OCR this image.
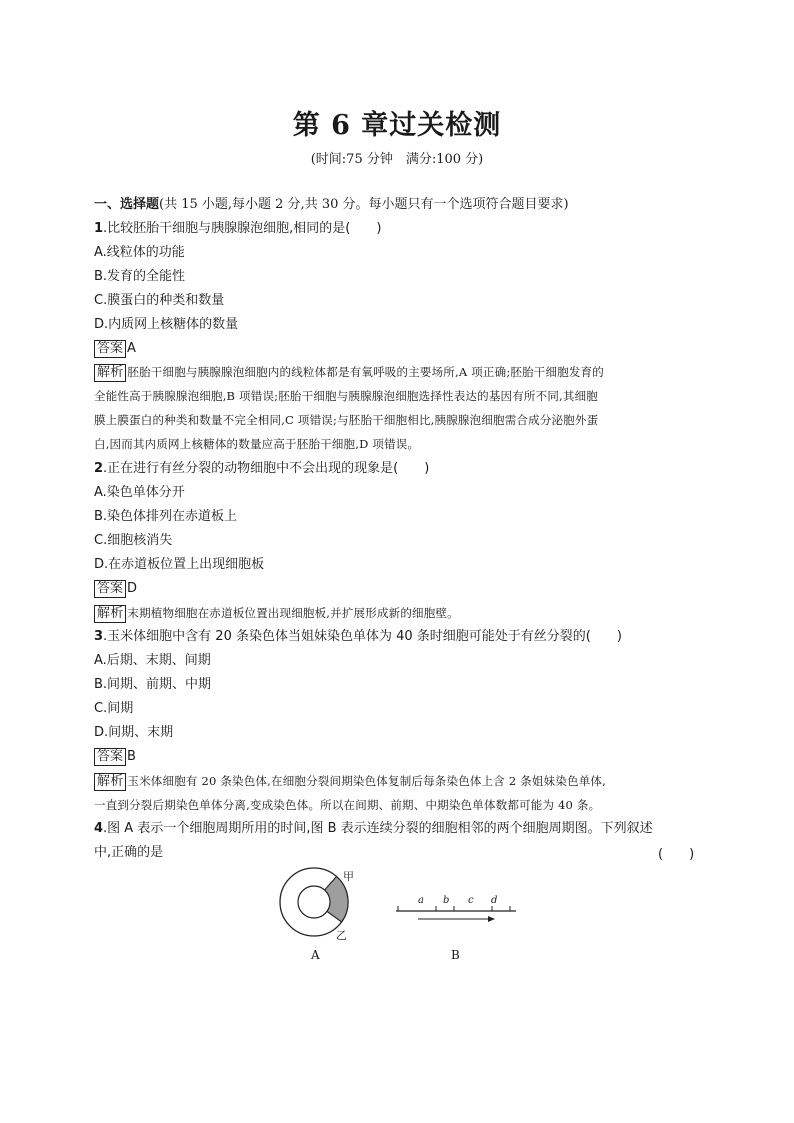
第 6 章过关检测
(时间:75 分钟　满分:100 分)
一、选择题(共 15 小题,每小题 2 分,共 30 分。每小题只有一个选项符合题目要求)
1.比较胚胎干细胞与胰腺腺泡细胞,相同的是(　　)
A.线粒体的功能
B.发育的全能性
C.膜蛋白的种类和数量
D.内质网上核糖体的数量
答案 A
解析 胚胎干细胞与胰腺腺泡细胞内的线粒体都是有氧呼吸的主要场所,A 项正确;胚胎干细胞发育的
全能性高于胰腺腺泡细胞,B 项错误;胚胎干细胞与胰腺腺泡细胞选择性表达的基因有所不同,其细胞
膜上膜蛋白的种类和数量不完全相同,C 项错误;与胚胎干细胞相比,胰腺腺泡细胞需合成分泌胞外蛋
白,因而其内质网上核糖体的数量应高于胚胎干细胞,D 项错误。
2.正在进行有丝分裂的动物细胞中不会出现的现象是(　　)
A.染色单体分开
B.染色体排列在赤道板上
C.细胞核消失
D.在赤道板位置上出现细胞板
答案 D
解析 末期植物细胞在赤道板位置出现细胞板,并扩展形成新的细胞壁。
3.玉米体细胞中含有 20 条染色体当姐妹染色单体为 40 条时细胞可能处于有丝分裂的(　　)
A.后期、末期、间期
B.间期、前期、中期
C.间期
D.间期、末期
答案 B
解析 玉米体细胞有 20 条染色体,在细胞分裂间期染色体复制后每条染色体上含 2 条姐妹染色单体,
一直到分裂后期染色单体分离,变成染色体。所以在间期、前期、中期染色单体数都可能为 40 条。
4.图 A 表示一个细胞周期所用的时间,图 B 表示连续分裂的细胞相邻的两个细胞周期图。下列叙述
中,正确的是	(　　)
甲
乙
A
a b c d
B
